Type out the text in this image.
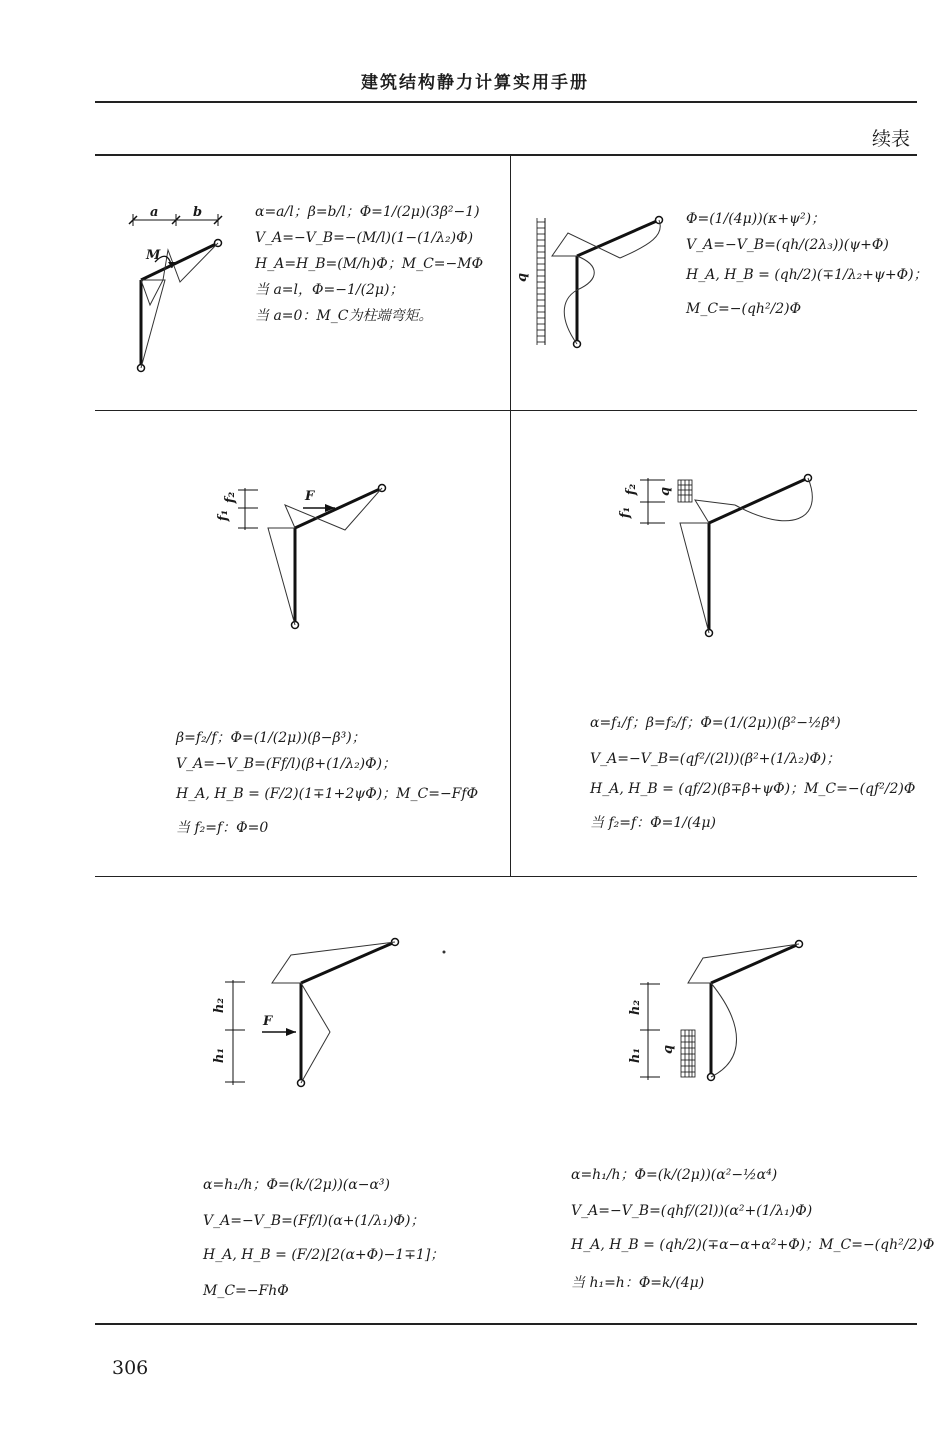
建筑结构静力计算实用手册
续表
306
a	b
M
α=a/l；β=b/l；Φ=1/(2μ)(3β²−1)
V_A=−V_B=−(M/l)(1−(1/λ₂)Φ)
H_A=H_B=(M/h)Φ；M_C=−MΦ
当 a=l，Φ=−1/(2μ)；
当 a=0：M_C为柱端弯矩。
q
Φ=(1/(4μ))(κ+ψ²)；
V_A=−V_B=(qh/(2λ₃))(ψ+Φ)
H_A, H_B = (qh/2)(∓1/λ₂+ψ+Φ)；
M_C=−(qh²/2)Φ
f₁
f₂	F
β=f₂/f；Φ=(1/(2μ))(β−β³)；
V_A=−V_B=(Ff/l)(β+(1/λ₂)Φ)；
H_A, H_B = (F/2)(1∓1+2ψΦ)；M_C=−FfΦ
当 f₂=f：Φ=0
f₁
f₂ q
α=f₁/f；β=f₂/f；Φ=(1/(2μ))(β²−½β⁴)
V_A=−V_B=(qf²/(2l))(β²+(1/λ₂)Φ)；
H_A, H_B = (qf/2)(β∓β+ψΦ)；M_C=−(qf²/2)Φ
当 f₂=f：Φ=1/(4μ)
h₁
h₂
F
α=h₁/h；Φ=(k/(2μ))(α−α³)
V_A=−V_B=(Ff/l)(α+(1/λ₁)Φ)；
H_A, H_B = (F/2)[2(α+Φ)−1∓1]；
M_C=−FhΦ
h₁
h₂
q
α=h₁/h；Φ=(k/(2μ))(α²−½α⁴)
V_A=−V_B=(qhf/(2l))(α²+(1/λ₁)Φ)
H_A, H_B = (qh/2)(∓α−α+α²+Φ)；M_C=−(qh²/2)Φ
当 h₁=h：Φ=k/(4μ)
